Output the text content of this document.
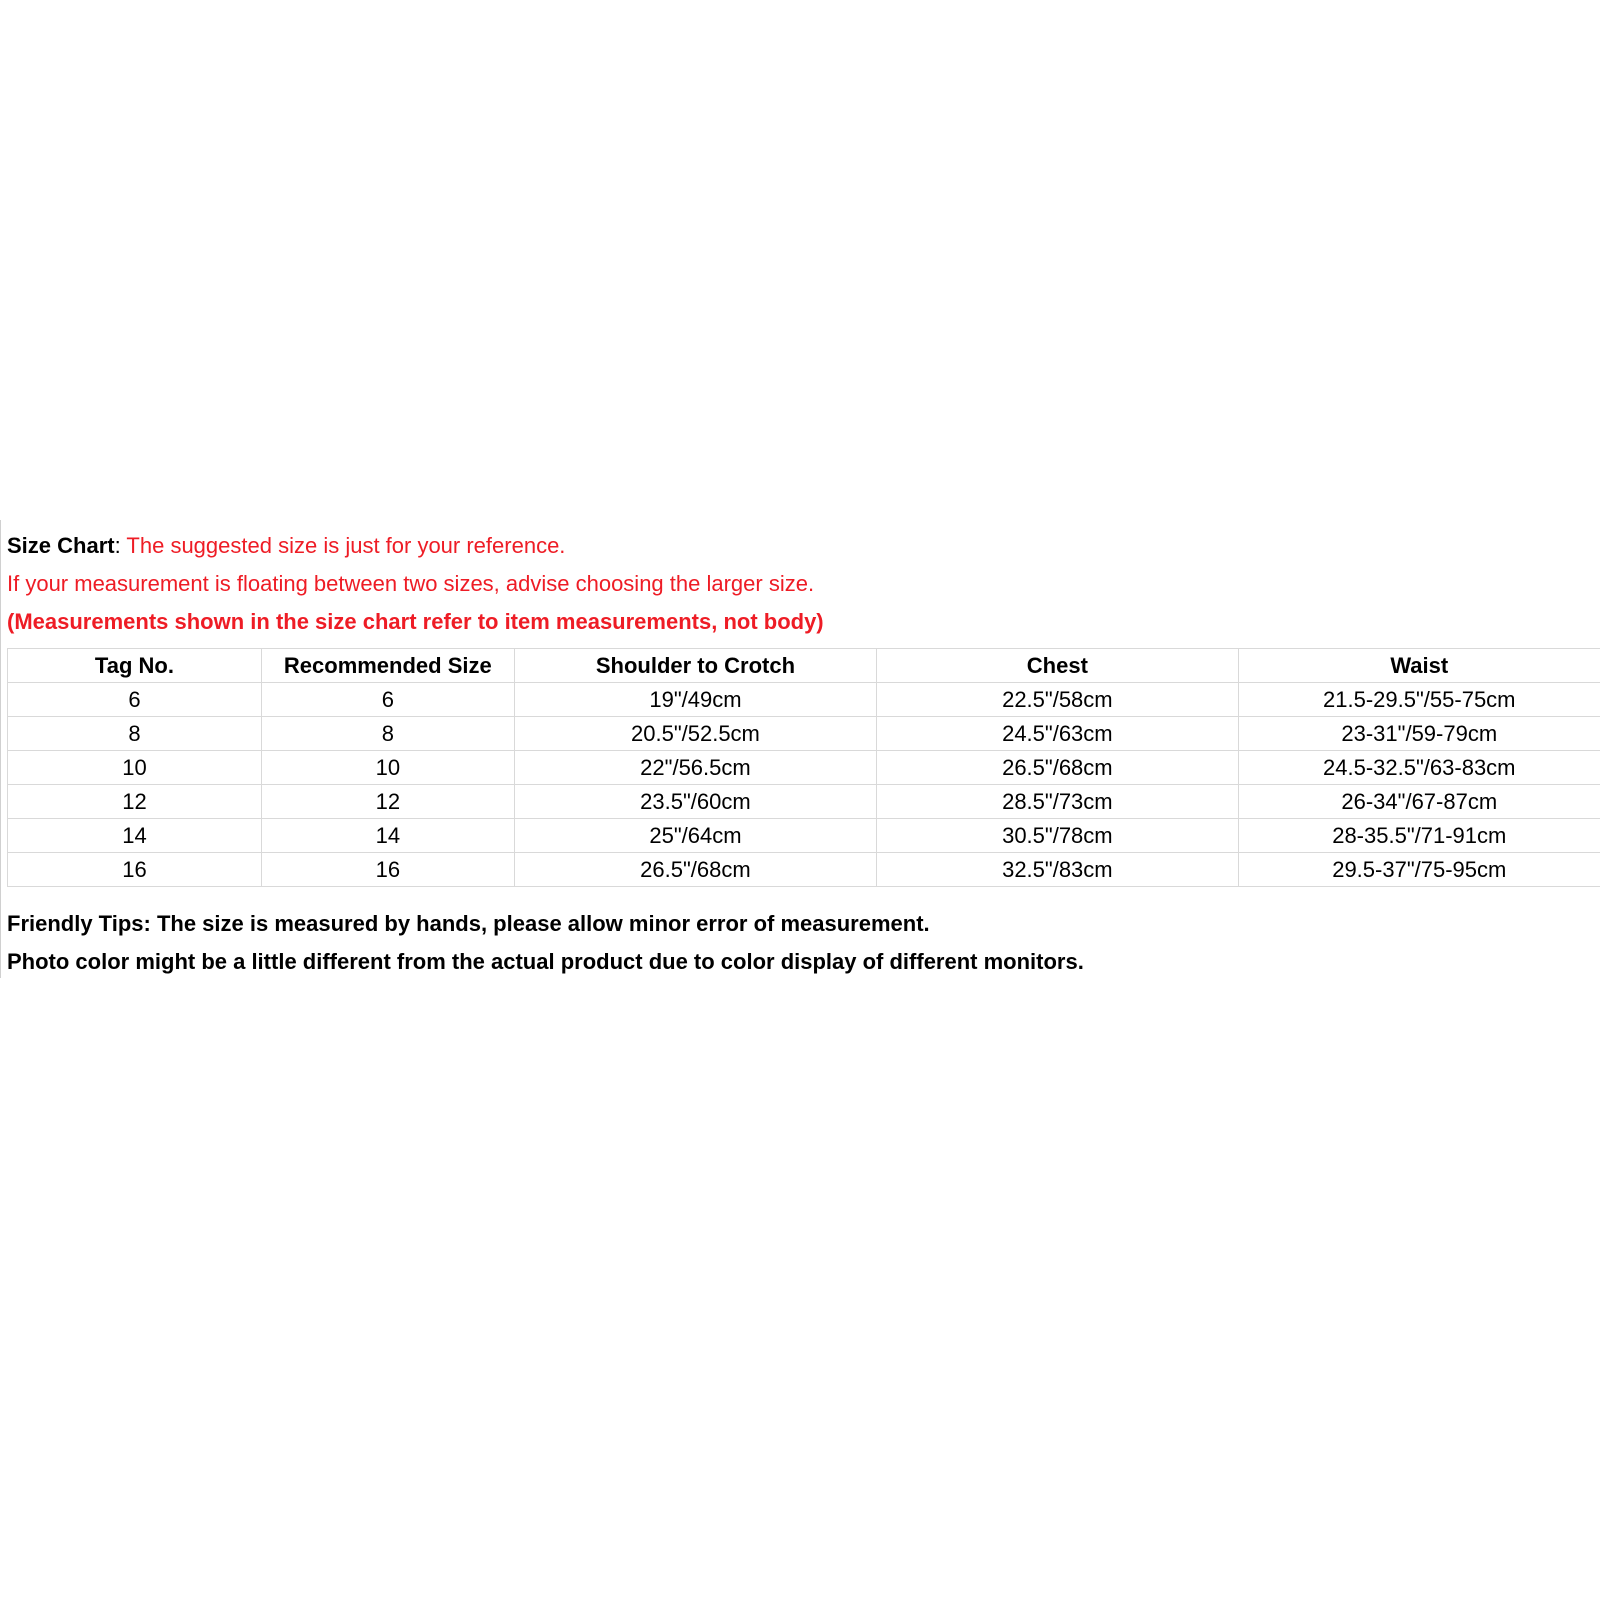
Size Chart: The suggested size is just for your reference.
If your measurement is floating between two sizes, advise choosing the larger size.
(Measurements shown in the size chart refer to item measurements, not body)
Tag No.	Recommended Size	Shoulder to Crotch	Chest	Waist
6	6	19"/49cm	22.5"/58cm	21.5-29.5"/55-75cm
8	8	20.5"/52.5cm	24.5"/63cm	23-31"/59-79cm
10	10	22"/56.5cm	26.5"/68cm	24.5-32.5"/63-83cm
12	12	23.5"/60cm	28.5"/73cm	26-34"/67-87cm
14	14	25"/64cm	30.5"/78cm	28-35.5"/71-91cm
16	16	26.5"/68cm	32.5"/83cm	29.5-37"/75-95cm
Friendly Tips: The size is measured by hands, please allow minor error of measurement.
Photo color might be a little different from the actual product due to color display of different monitors.
